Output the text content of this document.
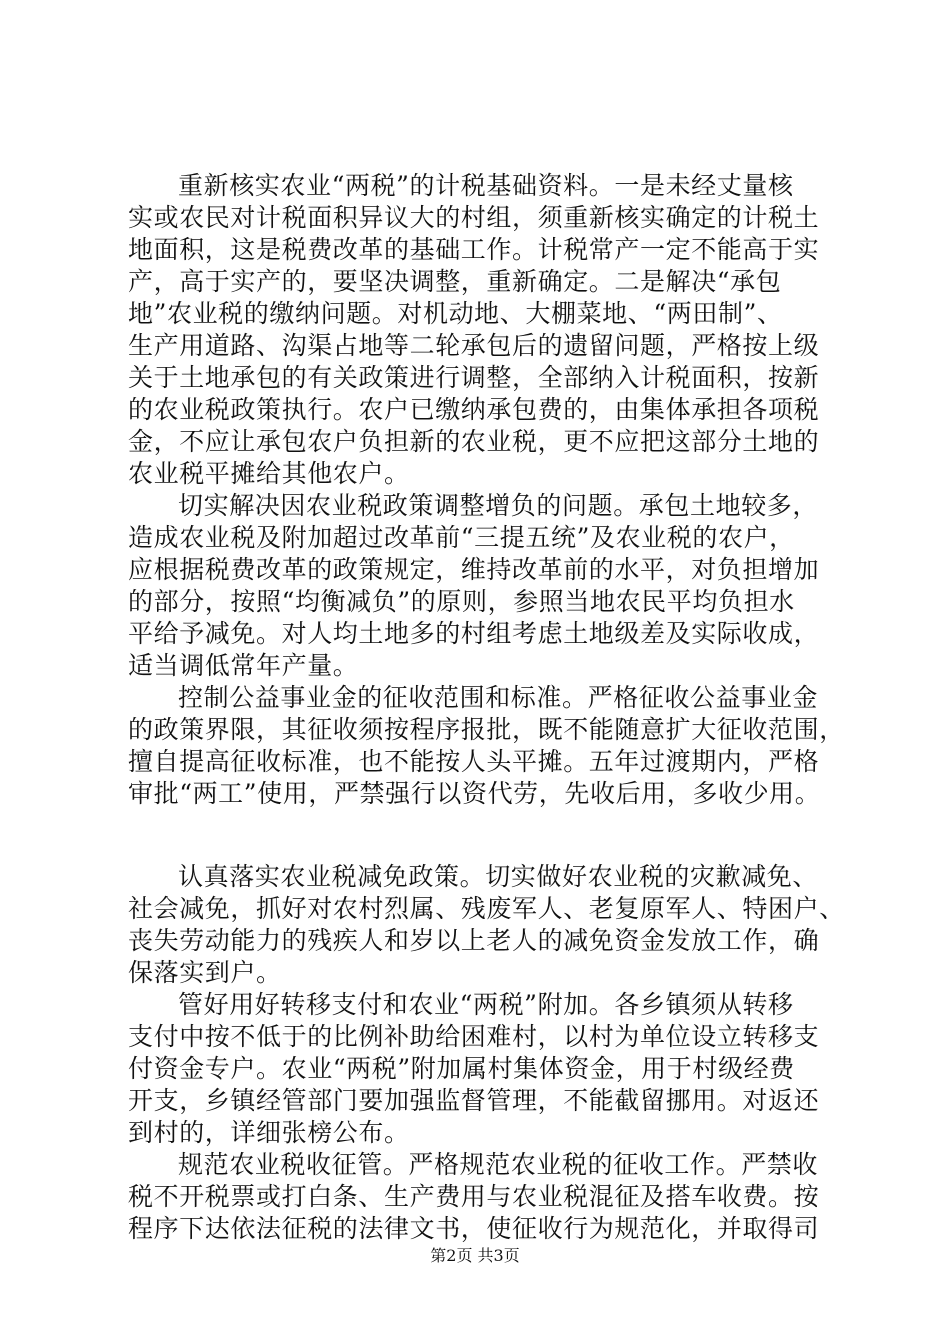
重新核实农业“两税”的计税基础资料。一是未经丈量核
实或农民对计税面积异议大的村组，须重新核实确定的计税土
地面积，这是税费改革的基础工作。计税常产一定不能高于实
产，高于实产的，要坚决调整，重新确定。二是解决“承包
地”农业税的缴纳问题。对机动地、大棚菜地、“两田制”、
生产用道路、沟渠占地等二轮承包后的遗留问题，严格按上级
关于土地承包的有关政策进行调整，全部纳入计税面积，按新
的农业税政策执行。农户已缴纳承包费的，由集体承担各项税
金，不应让承包农户负担新的农业税，更不应把这部分土地的
农业税平摊给其他农户。
切实解决因农业税政策调整增负的问题。承包土地较多，
造成农业税及附加超过改革前“三提五统”及农业税的农户，
应根据税费改革的政策规定，维持改革前的水平，对负担增加
的部分，按照“均衡减负”的原则，参照当地农民平均负担水
平给予减免。对人均土地多的村组考虑土地级差及实际收成，
适当调低常年产量。
控制公益事业金的征收范围和标准。严格征收公益事业金
的政策界限，其征收须按程序报批，既不能随意扩大征收范围，
擅自提高征收标准，也不能按人头平摊。五年过渡期内，严格
审批“两工”使用，严禁强行以资代劳，先收后用，多收少用。
认真落实农业税减免政策。切实做好农业税的灾歉减免、
社会减免，抓好对农村烈属、残废军人、老复原军人、特困户、
丧失劳动能力的残疾人和岁以上老人的减免资金发放工作，确
保落实到户。
管好用好转移支付和农业“两税”附加。各乡镇须从转移
支付中按不低于的比例补助给困难村，以村为单位设立转移支
付资金专户。农业“两税”附加属村集体资金，用于村级经费
开支，乡镇经管部门要加强监督管理，不能截留挪用。对返还
到村的，详细张榜公布。
规范农业税收征管。严格规范农业税的征收工作。严禁收
税不开税票或打白条、生产费用与农业税混征及搭车收费。按
程序下达依法征税的法律文书，使征收行为规范化，并取得司
第2页 共3页
